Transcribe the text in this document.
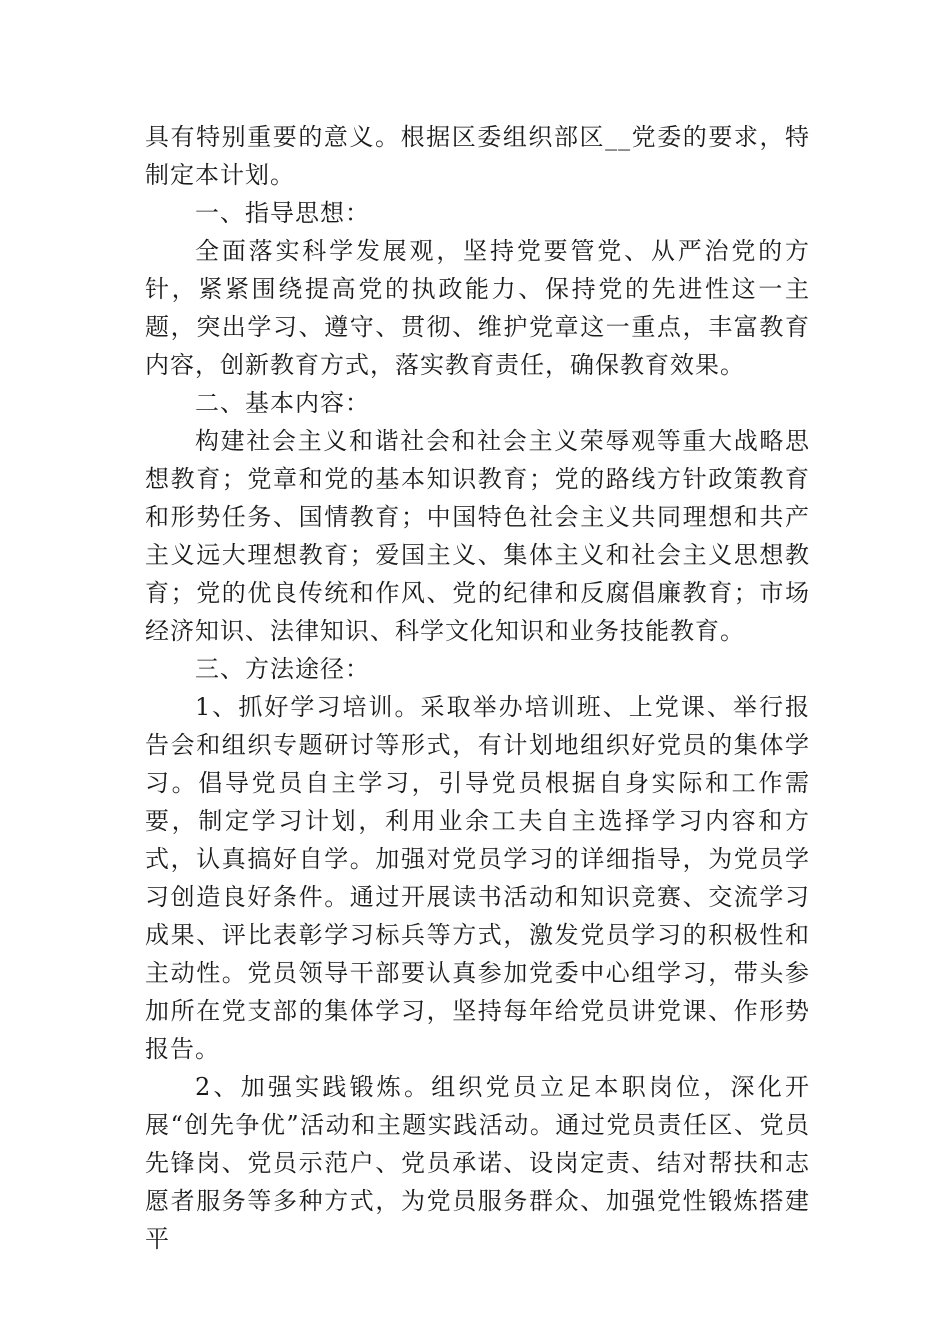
具有特别重要的意义。根据区委组织部区__党委的要求，特制定本计划。

一、指导思想：

全面落实科学发展观，坚持党要管党、从严治党的方针，紧紧围绕提高党的执政能力、保持党的先进性这一主题，突出学习、遵守、贯彻、维护党章这一重点，丰富教育内容，创新教育方式，落实教育责任，确保教育效果。

二、基本内容：

构建社会主义和谐社会和社会主义荣辱观等重大战略思想教育；党章和党的基本知识教育；党的路线方针政策教育和形势任务、国情教育；中国特色社会主义共同理想和共产主义远大理想教育；爱国主义、集体主义和社会主义思想教育；党的优良传统和作风、党的纪律和反腐倡廉教育；市场经济知识、法律知识、科学文化知识和业务技能教育。

三、方法途径：

1、抓好学习培训。采取举办培训班、上党课、举行报告会和组织专题研讨等形式，有计划地组织好党员的集体学习。倡导党员自主学习，引导党员根据自身实际和工作需要，制定学习计划，利用业余工夫自主选择学习内容和方式，认真搞好自学。加强对党员学习的详细指导，为党员学习创造良好条件。通过开展读书活动和知识竞赛、交流学习成果、评比表彰学习标兵等方式，激发党员学习的积极性和主动性。党员领导干部要认真参加党委中心组学习，带头参加所在党支部的集体学习，坚持每年给党员讲党课、作形势报告。

2、加强实践锻炼。组织党员立足本职岗位，深化开展“创先争优”活动和主题实践活动。通过党员责任区、党员先锋岗、党员示范户、党员承诺、设岗定责、结对帮扶和志愿者服务等多种方式，为党员服务群众、加强党性锻炼搭建平
